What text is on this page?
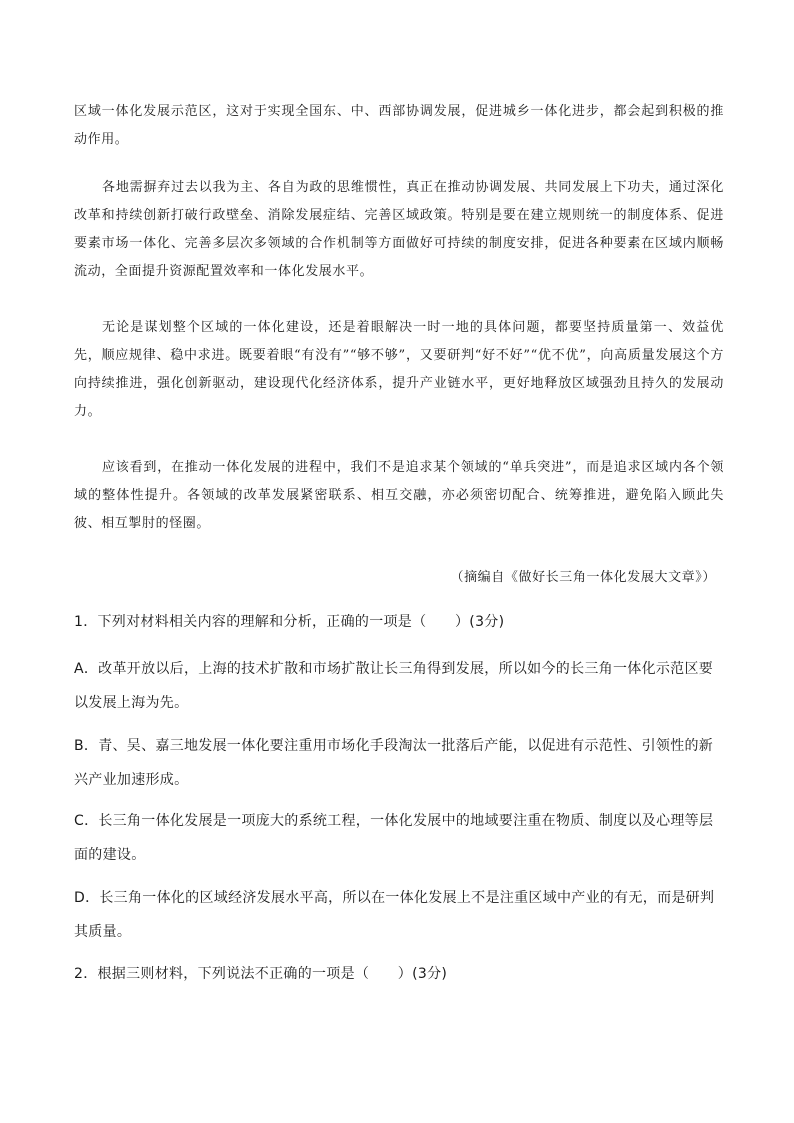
区域一体化发展示范区，这对于实现全国东、中、西部协调发展，促进城乡一体化进步，都会起到积极的推动作用。

各地需摒弃过去以我为主、各自为政的思维惯性，真正在推动协调发展、共同发展上下功夫，通过深化改革和持续创新打破行政壁垒、消除发展症结、完善区域政策。特别是要在建立规则统一的制度体系、促进要素市场一体化、完善多层次多领域的合作机制等方面做好可持续的制度安排，促进各种要素在区域内顺畅流动，全面提升资源配置效率和一体化发展水平。

无论是谋划整个区域的一体化建设，还是着眼解决一时一地的具体问题，都要坚持质量第一、效益优先，顺应规律、稳中求进。既要着眼“有没有”“够不够”，又要研判“好不好”“优不优”，向高质量发展这个方向持续推进，强化创新驱动，建设现代化经济体系，提升产业链水平，更好地释放区域强劲且持久的发展动力。

应该看到，在推动一体化发展的进程中，我们不是追求某个领域的“单兵突进”，而是追求区域内各个领域的整体性提升。各领域的改革发展紧密联系、相互交融，亦必须密切配合、统筹推进，避免陷入顾此失彼、相互掣肘的怪圈。

（摘编自《做好长三角一体化发展大文章》）

1．下列对材料相关内容的理解和分析，正确的一项是（　　）(3分)

A．改革开放以后，上海的技术扩散和市场扩散让长三角得到发展，所以如今的长三角一体化示范区要以发展上海为先。

B．青、吴、嘉三地发展一体化要注重用市场化手段淘汰一批落后产能，以促进有示范性、引领性的新兴产业加速形成。

C．长三角一体化发展是一项庞大的系统工程，一体化发展中的地域要注重在物质、制度以及心理等层面的建设。

D．长三角一体化的区域经济发展水平高，所以在一体化发展上不是注重区域中产业的有无，而是研判其质量。

2．根据三则材料，下列说法不正确的一项是（　　）(3分)
